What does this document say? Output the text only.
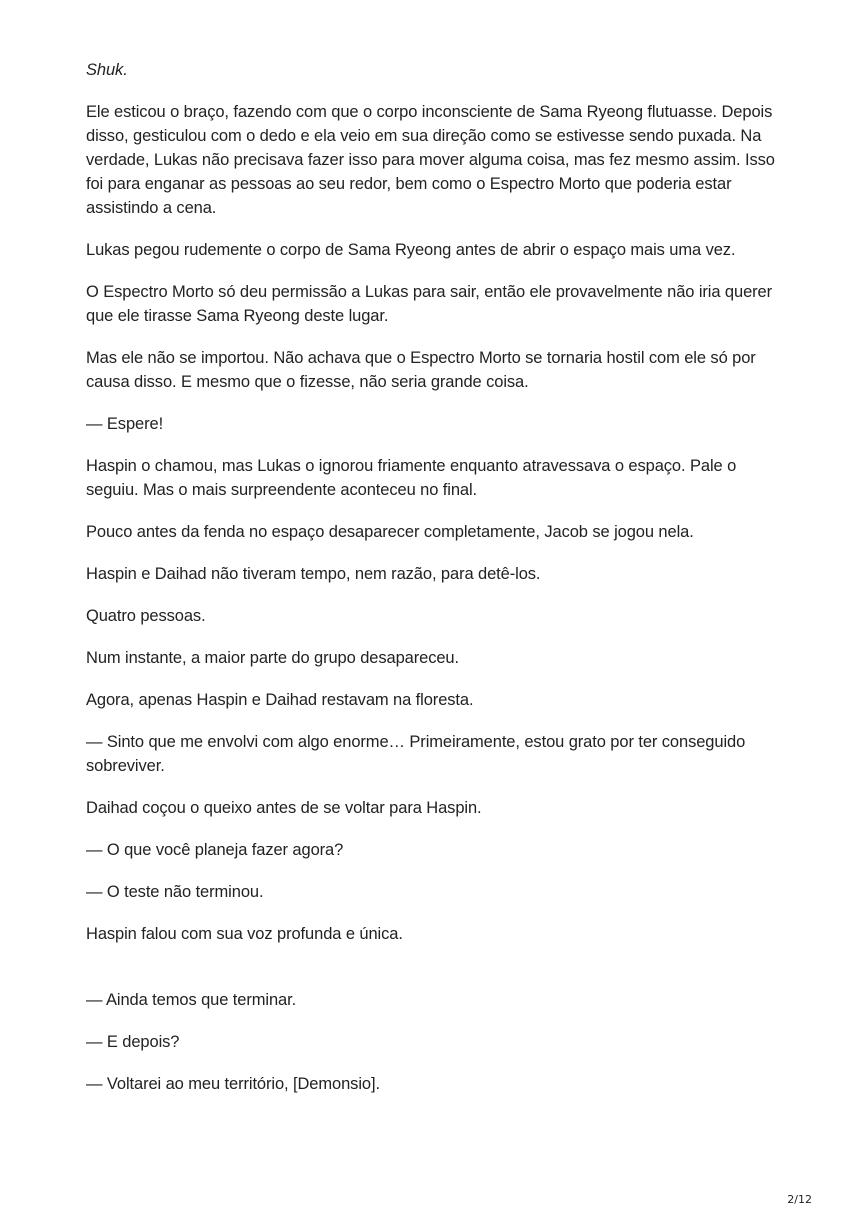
Shuk.

Ele esticou o braço, fazendo com que o corpo inconsciente de Sama Ryeong flutuasse. Depois disso, gesticulou com o dedo e ela veio em sua direção como se estivesse sendo puxada. Na verdade, Lukas não precisava fazer isso para mover alguma coisa, mas fez mesmo assim. Isso foi para enganar as pessoas ao seu redor, bem como o Espectro Morto que poderia estar assistindo a cena.

Lukas pegou rudemente o corpo de Sama Ryeong antes de abrir o espaço mais uma vez.

O Espectro Morto só deu permissão a Lukas para sair, então ele provavelmente não iria querer que ele tirasse Sama Ryeong deste lugar.

Mas ele não se importou. Não achava que o Espectro Morto se tornaria hostil com ele só por causa disso. E mesmo que o fizesse, não seria grande coisa.

— Espere!

Haspin o chamou, mas Lukas o ignorou friamente enquanto atravessava o espaço. Pale o seguiu. Mas o mais surpreendente aconteceu no final.

Pouco antes da fenda no espaço desaparecer completamente, Jacob se jogou nela.

Haspin e Daihad não tiveram tempo, nem razão, para detê-los.

Quatro pessoas.

Num instante, a maior parte do grupo desapareceu.

Agora, apenas Haspin e Daihad restavam na floresta.

— Sinto que me envolvi com algo enorme… Primeiramente, estou grato por ter conseguido sobreviver.

Daihad coçou o queixo antes de se voltar para Haspin.

— O que você planeja fazer agora?

— O teste não terminou.

Haspin falou com sua voz profunda e única.

— Ainda temos que terminar.

— E depois?

— Voltarei ao meu território, [Demonsio].

2/12
